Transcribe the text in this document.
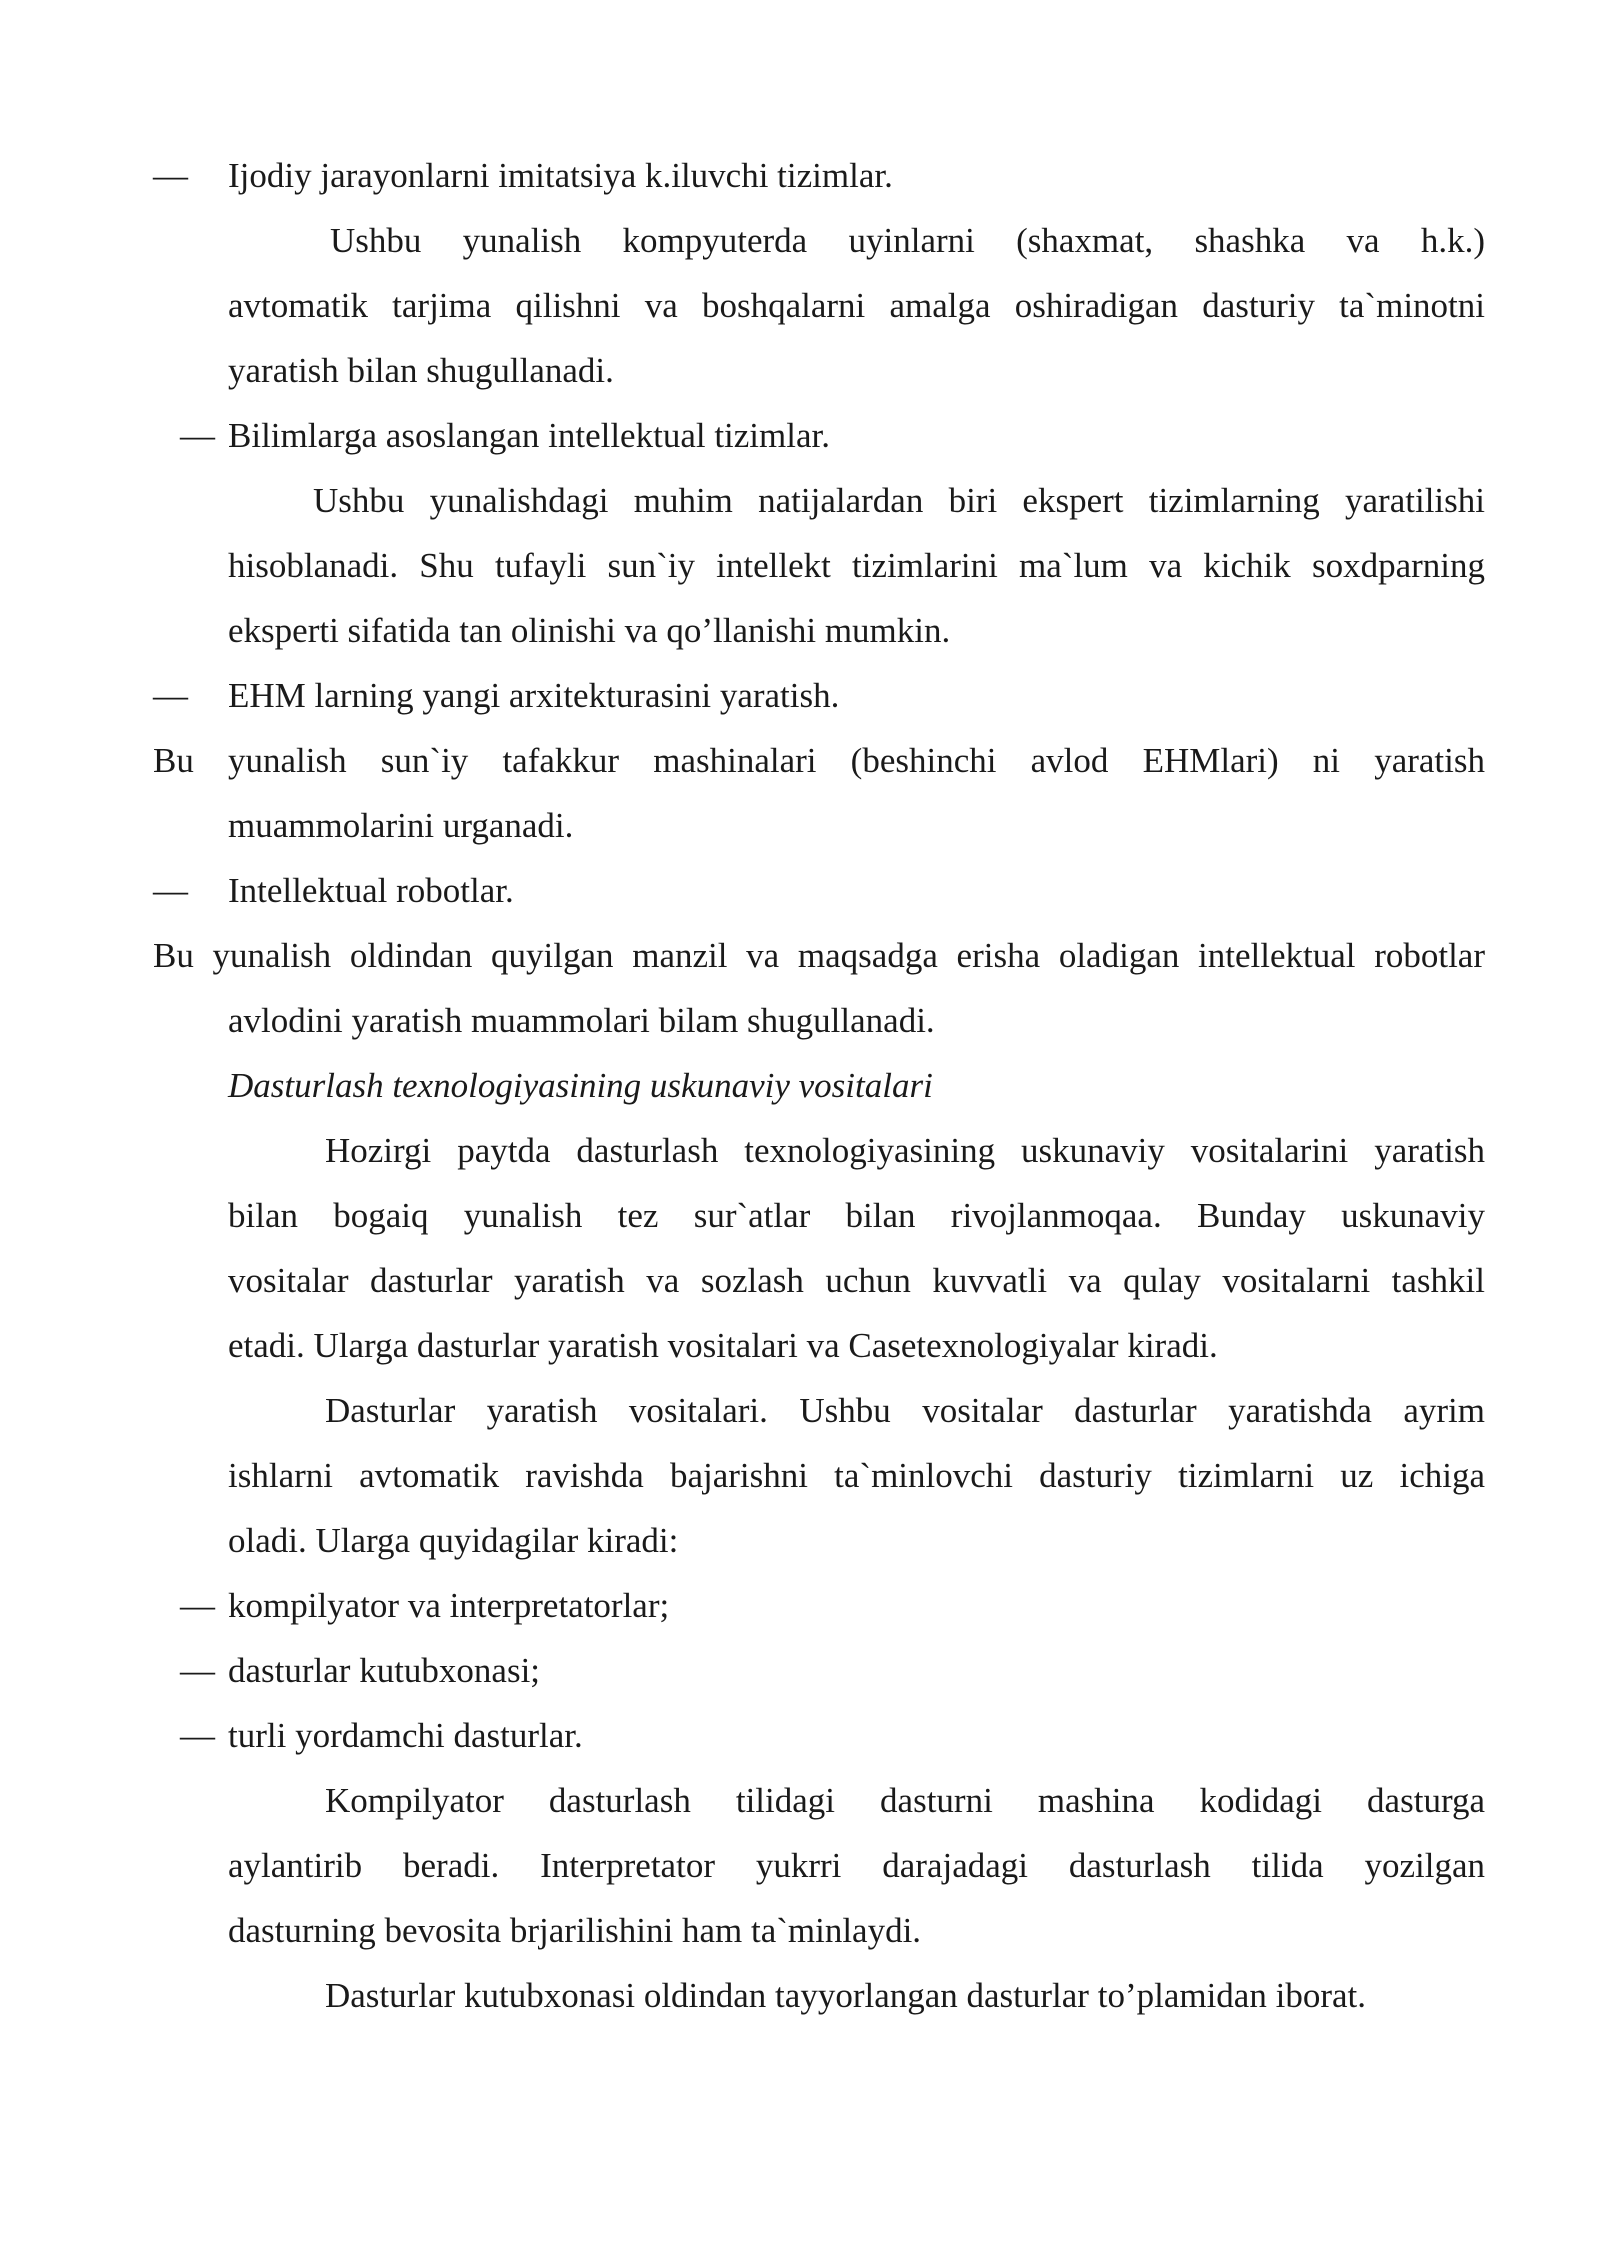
— Ijodiy jarayonlarni imitatsiya k.iluvchi tizimlar.
Ushbu yunalish kompyuterda uyinlarni (shaxmat, shashka va h.k.)
avtomatik tarjima qilishni va boshqalarni amalga oshiradigan dasturiy ta`minotni
yaratish bilan shugullanadi.
— Bilimlarga asoslangan intellektual tizimlar.
Ushbu yunalishdagi muhim natijalardan biri ekspert tizimlarning yaratilishi
hisoblanadi. Shu tufayli sun`iy intellekt tizimlarini ma`lum va kichik soxdparning
eksperti sifatida tan olinishi va qo’llanishi mumkin.
— EHM larning yangi arxitekturasini yaratish.
Bu yunalish sun`iy tafakkur mashinalari (beshinchi avlod EHMlari) ni yaratish
muammolarini urganadi.
— Intellektual robotlar.
Bu yunalish oldindan quyilgan manzil va maqsadga erisha oladigan intellektual robotlar
avlodini yaratish muammolari bilam shugullanadi.
Dasturlash texnologiyasining uskunaviy vositalari
Hozirgi paytda dasturlash texnologiyasining uskunaviy vositalarini yaratish
bilan bogaiq yunalish tez sur`atlar bilan rivojlanmoqaa. Bunday uskunaviy
vositalar dasturlar yaratish va sozlash uchun kuvvatli va qulay vositalarni tashkil
etadi. Ularga dasturlar yaratish vositalari va Casetexnologiyalar kiradi.
Dasturlar yaratish vositalari. Ushbu vositalar dasturlar yaratishda ayrim
ishlarni avtomatik ravishda bajarishni ta`minlovchi dasturiy tizimlarni uz ichiga
oladi. Ularga quyidagilar kiradi:
— kompilyator va interpretatorlar;
— dasturlar kutubxonasi;
— turli yordamchi dasturlar.
Kompilyator dasturlash tilidagi dasturni mashina kodidagi dasturga
aylantirib beradi. Interpretator yukrri darajadagi dasturlash tilida yozilgan
dasturning bevosita brjarilishini ham ta`minlaydi.
Dasturlar kutubxonasi oldindan tayyorlangan dasturlar to’plamidan iborat.
